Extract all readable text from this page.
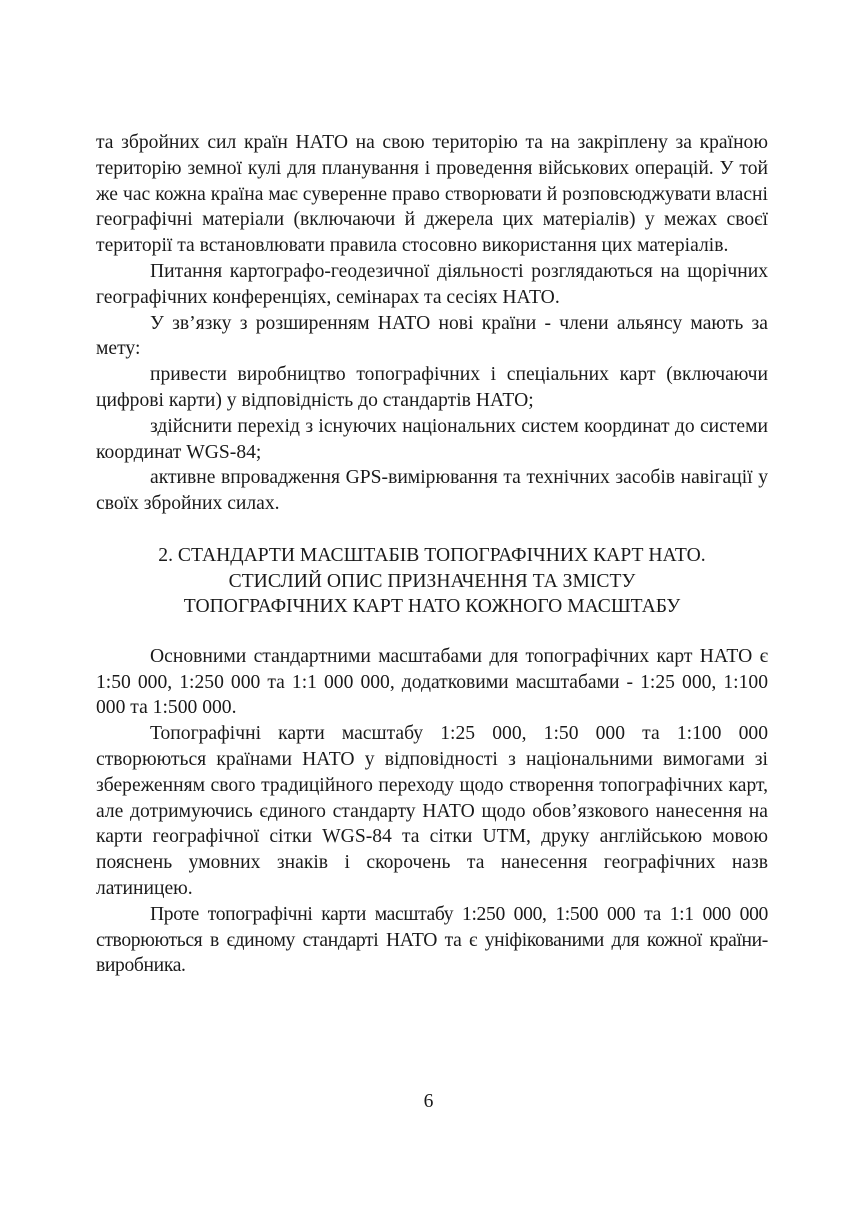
та збройних сил країн НАТО на свою територію та на закріплену за країною територію земної кулі для планування і проведення військових операцій. У той же час кожна країна має суверенне право створювати й розповсюджувати власні географічні матеріали (включаючи й джерела цих матеріалів) у межах своєї території та встановлювати правила стосовно використання цих матеріалів.

Питання картографо-геодезичної діяльності розглядаються на щорічних географічних конференціях, семінарах та сесіях НАТО.

У зв’язку з розширенням НАТО нові країни - члени альянсу мають за мету:

привести виробництво топографічних і спеціальних карт (включаючи цифрові карти) у відповідність до стандартів НАТО;

здійснити перехід з існуючих національних систем координат до системи координат WGS-84;

активне впровадження GPS-вимірювання та технічних засобів навігації у своїх збройних силах.

2. СТАНДАРТИ МАСШТАБІВ ТОПОГРАФІЧНИХ КАРТ НАТО.
СТИСЛИЙ ОПИС ПРИЗНАЧЕННЯ ТА ЗМІСТУ
ТОПОГРАФІЧНИХ КАРТ НАТО КОЖНОГО МАСШТАБУ

Основними стандартними масштабами для топографічних карт НАТО є 1:50 000, 1:250 000 та 1:1 000 000, додатковими масштабами - 1:25 000, 1:100 000 та 1:500 000.

Топографічні карти масштабу 1:25 000, 1:50 000 та 1:100 000 створюються країнами НАТО у відповідності з національними вимогами зі збереженням свого традиційного переходу щодо створення топографічних карт, але дотримуючись єдиного стандарту НАТО щодо обов’язкового нанесення на карти географічної сітки WGS-84 та сітки UTM, друку англійською мовою пояснень умовних знаків і скорочень та нанесення географічних назв латиницею.

Проте топографічні карти масштабу 1:250 000, 1:500 000 та 1:1 000 000 створюються в єдиному стандарті НАТО та є уніфікованими для кожної країни-виробника.

6
